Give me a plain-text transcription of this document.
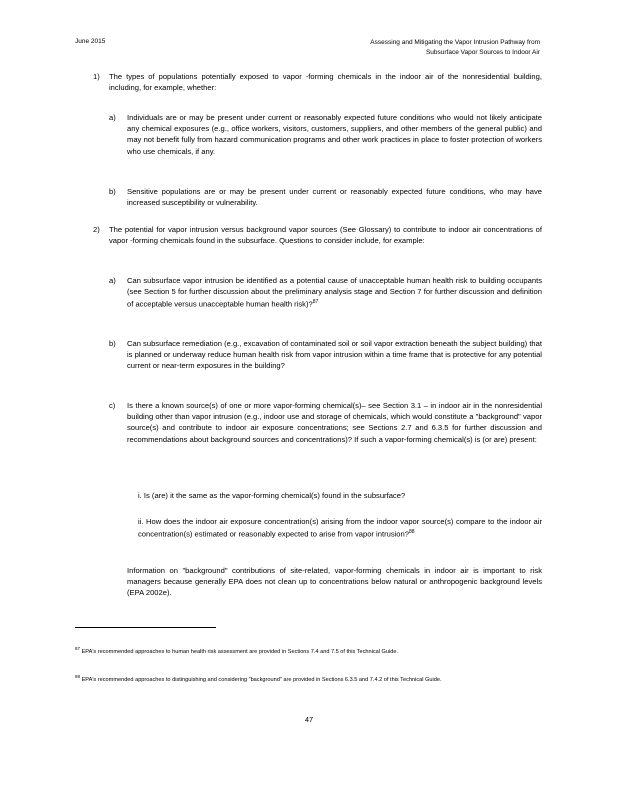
June 2015	Assessing and Mitigating the Vapor Intrusion Pathway from
Subsurface Vapor Sources to Indoor Air
1) The types of populations potentially exposed to vapor -forming chemicals in the indoor air of the nonresidential building, including, for example, whether:
a) Individuals are or may be present under current or reasonably expected future conditions who would not likely anticipate any chemical exposures (e.g., office workers, visitors, customers, suppliers, and other members of the general public) and may not benefit fully from hazard communication programs and other work practices in place to foster protection of workers who use chemicals, if any.
b) Sensitive populations are or may be present under current or reasonably expected future conditions, who may have increased susceptibility or vulnerability.
2) The potential for vapor intrusion versus background vapor sources (See Glossary) to contribute to indoor air concentrations of vapor -forming chemicals found in the subsurface. Questions to consider include, for example:
a) Can subsurface vapor intrusion be identified as a potential cause of unacceptable human health risk to building occupants (see Section 5 for further discussion about the preliminary analysis stage and Section 7 for further discussion and definition of acceptable versus unacceptable human health risk)?$^{87}$
b) Can subsurface remediation (e.g., excavation of contaminated soil or soil vapor extraction beneath the subject building) that is planned or underway reduce human health risk from vapor intrusion within a time frame that is protective for any potential current or near-term exposures in the building?
c) Is there a known source(s) of one or more vapor-forming chemical(s)– see Section 3.1 – in indoor air in the nonresidential building other than vapor intrusion (e.g., indoor use and storage of chemicals, which would constitute a "background" vapor source(s) and contribute to indoor air exposure concentrations; see Sections 2.7 and 6.3.5 for further discussion and recommendations about background sources and concentrations)? If such a vapor-forming chemical(s) is (or are) present:
i. Is (are) it the same as the vapor-forming chemical(s) found in the subsurface?
ii. How does the indoor air exposure concentration(s) arising from the indoor vapor source(s) compare to the indoor air concentration(s) estimated or reasonably expected to arise from vapor intrusion?$^{88}$
Information on "background" contributions of site-related, vapor-forming chemicals in indoor air is important to risk managers because generally EPA does not clean up to concentrations below natural or anthropogenic background levels (EPA 2002e).
$^{87}$ EPA's recommended approaches to human health risk assessment are provided in Sections 7.4 and 7.5 of this Technical Guide.
$^{88}$ EPA's recommended approaches to distinguishing and considering "background" are provided in Sections 6.3.5 and 7.4.2 of this Technical Guide.
47
